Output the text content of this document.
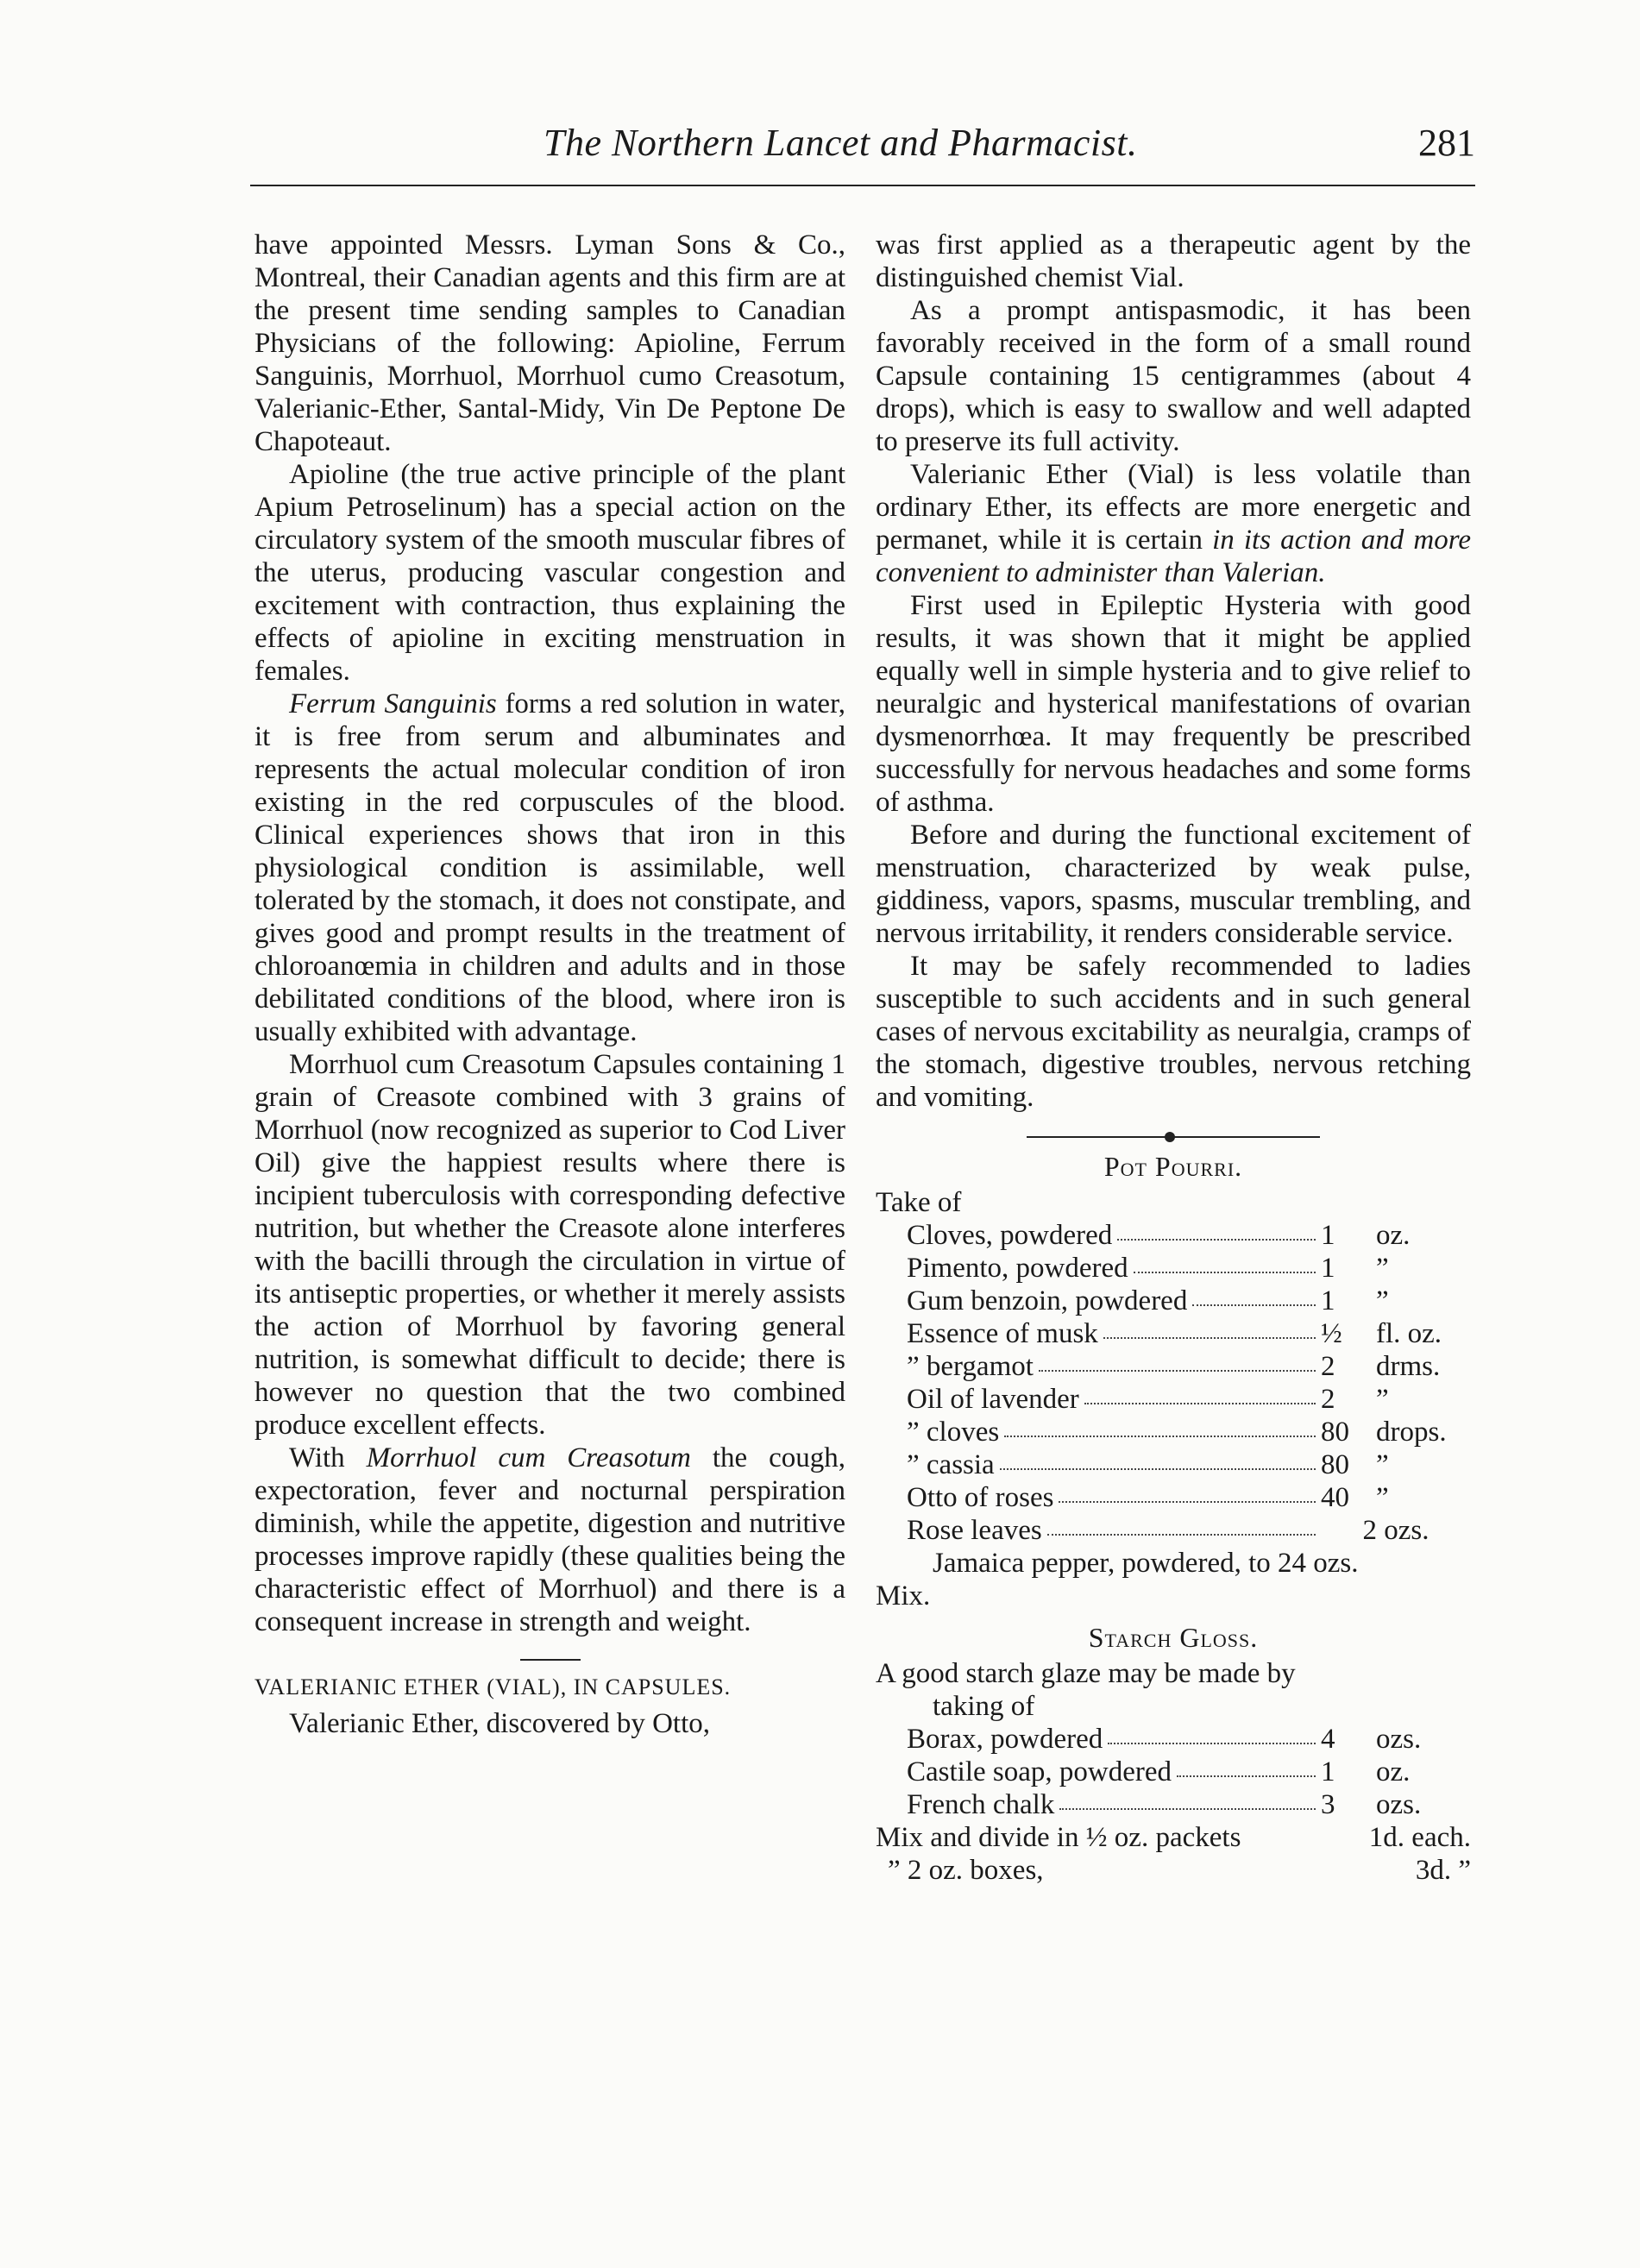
The Northern Lancet and Pharmacist.	281

have appointed Messrs. Lyman Sons & Co., Montreal, their Canadian agents and this firm are at the present time sending samples to Canadian Physicians of the following: Apioline, Ferrum Sanguinis, Morrhuol, Morrhuol cumo Creasotum, Valerianic-Ether, Santal-Midy, Vin De Peptone De Chapoteaut.

Apioline (the true active principle of the plant Apium Petroselinum) has a special action on the circulatory system of the smooth muscular fibres of the uterus, producing vascular congestion and excitement with contraction, thus explaining the effects of apioline in exciting menstruation in females.

Ferrum Sanguinis forms a red solution in water, it is free from serum and albuminates and represents the actual molecular condition of iron existing in the red corpuscules of the blood. Clinical experiences shows that iron in this physiological condition is assimilable, well tolerated by the stomach, it does not constipate, and gives good and prompt results in the treatment of chloroanœmia in children and adults and in those debilitated conditions of the blood, where iron is usually exhibited with advantage.

Morrhuol cum Creasotum Capsules containing 1 grain of Creasote combined with 3 grains of Morrhuol (now recognized as superior to Cod Liver Oil) give the happiest results where there is incipient tuberculosis with corresponding defective nutrition, but whether the Creasote alone interferes with the bacilli through the circulation in virtue of its antiseptic properties, or whether it merely assists the action of Morrhuol by favoring general nutrition, is somewhat difficult to decide; there is however no question that the two combined produce excellent effects.

With Morrhuol cum Creasotum the cough, expectoration, fever and nocturnal perspiration diminish, while the appetite, digestion and nutritive processes improve rapidly (these qualities being the characteristic effect of Morrhuol) and there is a consequent increase in strength and weight.

VALERIANIC ETHER (VIAL), IN CAPSULES.

Valerianic Ether, discovered by Otto,

was first applied as a therapeutic agent by the distinguished chemist Vial.

As a prompt antispasmodic, it has been favorably received in the form of a small round Capsule containing 15 centigrammes (about 4 drops), which is easy to swallow and well adapted to preserve its full activity.

Valerianic Ether (Vial) is less volatile than ordinary Ether, its effects are more energetic and permanet, while it is certain in its action and more convenient to administer than Valerian.

First used in Epileptic Hysteria with good results, it was shown that it might be applied equally well in simple hysteria and to give relief to neuralgic and hysterical manifestations of ovarian dysmenorrhœa. It may frequently be prescribed successfully for nervous headaches and some forms of asthma.

Before and during the functional excitement of menstruation, characterized by weak pulse, giddiness, vapors, spasms, muscular trembling, and nervous irritability, it renders considerable service.

It may be safely recommended to ladies susceptible to such accidents and in such general cases of nervous excitability as neuralgia, cramps of the stomach, digestive troubles, nervous retching and vomiting.

Pot Pourri.

Take of

Cloves, powdered	1	oz.
Pimento, powdered	1	”
Gum benzoin, powdered	1	”
Essence of musk	½	fl. oz.
” bergamot	2	drms.
Oil of lavender	2	”
” cloves	80 drops.
” cassia	80 ”
Otto of roses	40 ”
Rose leaves	2 ozs.

Jamaica pepper, powdered, to 24 ozs.

Mix.

Starch Gloss.

A good starch glaze may be made by

taking of

Borax, powdered	4	ozs.
Castile soap, powdered	1	oz.
French chalk	3	ozs.
Mix and divide in ½ oz. packets	1d. each.
” 2 oz. boxes,	3d. ”
